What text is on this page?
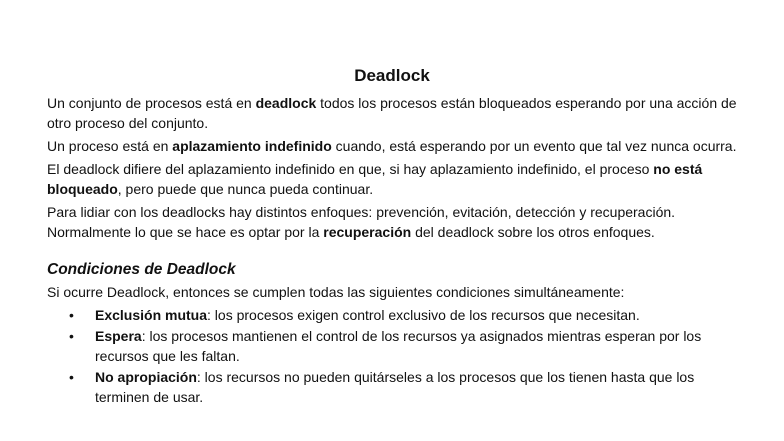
Deadlock

Un conjunto de procesos está en deadlock todos los procesos están bloqueados esperando por una acción de otro proceso del conjunto.

Un proceso está en aplazamiento indefinido cuando, está esperando por un evento que tal vez nunca ocurra.

El deadlock difiere del aplazamiento indefinido en que, si hay aplazamiento indefinido, el proceso no está bloqueado, pero puede que nunca pueda continuar.

Para lidiar con los deadlocks hay distintos enfoques: prevención, evitación, detección y recuperación. Normalmente lo que se hace es optar por la recuperación del deadlock sobre los otros enfoques.

Condiciones de Deadlock

Si ocurre Deadlock, entonces se cumplen todas las siguientes condiciones simultáneamente:

• Exclusión mutua: los procesos exigen control exclusivo de los recursos que necesitan.
• Espera: los procesos mantienen el control de los recursos ya asignados mientras esperan por los recursos que les faltan.
• No apropiación: los recursos no pueden quitárseles a los procesos que los tienen hasta que los terminen de usar.
